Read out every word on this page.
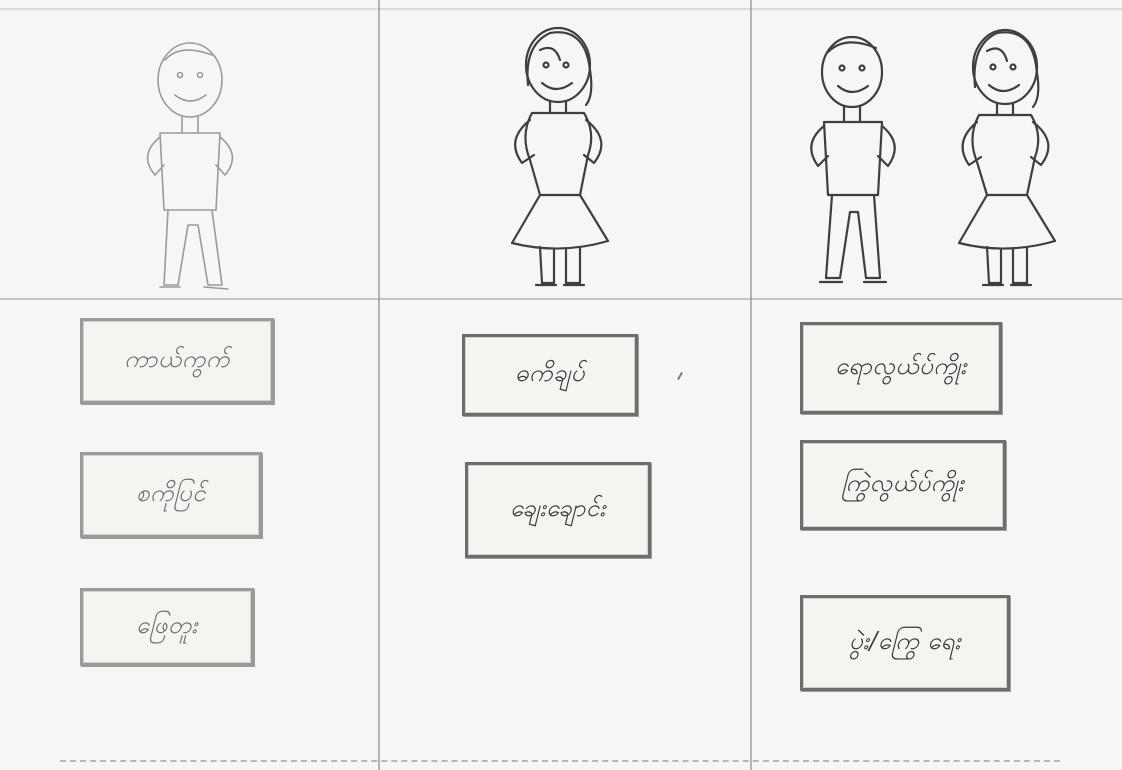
ကာယ်ကွက်
စကိုပြင်
ဖြေတူး
ဓကိချပ်
ချေးချောင်း
ရောလွယ်ပ်ကွိုး
ကြွဲလွယ်ပ်ကွိုး
ပွဲး/ကြွေ ရေး
